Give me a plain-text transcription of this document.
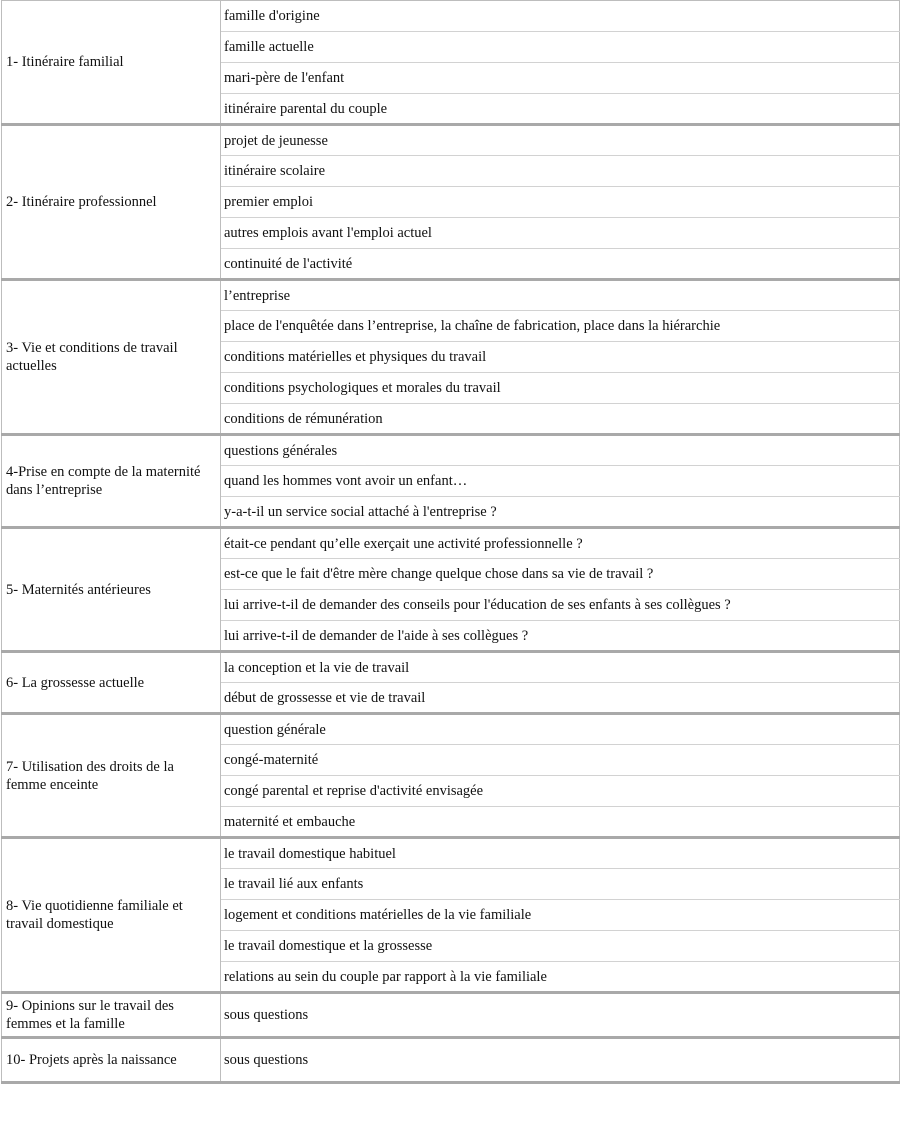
1- Itinéraire familial	famille d'origine
	famille actuelle
	mari-père de l'enfant
	itinéraire parental du couple
2- Itinéraire professionnel	projet de jeunesse
	itinéraire scolaire
	premier emploi
	autres emplois avant l'emploi actuel
	continuité de l'activité
3- Vie et conditions de travail actuelles	l’entreprise
	place de l'enquêtée dans l’entreprise, la chaîne de fabrication, place dans la hiérarchie
	conditions matérielles et physiques du travail
	conditions psychologiques et morales du travail
	conditions de rémunération
4-Prise en compte de la maternité dans l’entreprise	questions générales
	quand les hommes vont avoir un enfant…
	y-a-t-il un service social attaché à l'entreprise ?
5- Maternités antérieures	était-ce pendant qu’elle exerçait une activité professionnelle ?
	est-ce que le fait d'être mère change quelque chose dans sa vie de travail ?
	lui arrive-t-il de demander des conseils pour l'éducation de ses enfants à ses collègues ?
	lui arrive-t-il de demander de l'aide à ses collègues ?
6- La grossesse actuelle	la conception et la vie de travail
	début de grossesse et vie de travail
7- Utilisation des droits de la femme enceinte	question générale
	congé-maternité
	congé parental et reprise d'activité envisagée
	maternité et embauche
8- Vie quotidienne familiale et travail domestique	le travail domestique habituel
	le travail lié aux enfants
	logement et conditions matérielles de la vie familiale
	le travail domestique et la grossesse
	relations au sein du couple par rapport à la vie familiale
9- Opinions sur le travail des femmes et la famille	sous questions
10- Projets après la naissance	sous questions
